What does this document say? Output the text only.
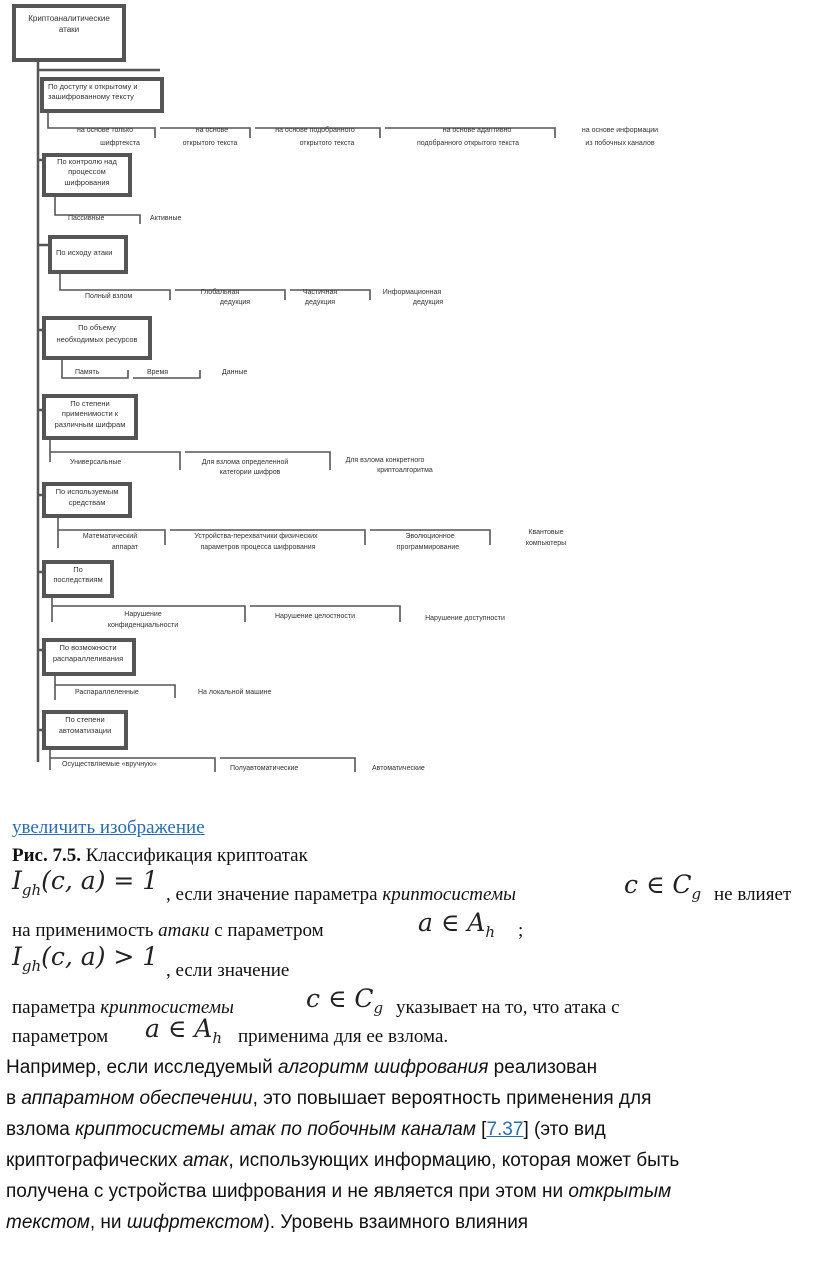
Криптоаналитические атаки
По доступу к открытому и зашифрованному тексту
на основе только шифртекста
на основе открытого текста
на основе подобранного открытого текста
на основе адаптивно подобранного открытого текста
на основе информации из побочных каналов
По контролю над процессом шифрования
Пассивные	Активные
По исходу атаки
Полный взлом
Глобальная дедукция
Частичная дедукция
Информационная дедукция
По объему необходимых ресурсов
Память	Время	Данные
По степени применимости к различным шифрам
Универсальные	Для взлома определенной категории шифров
Для взлома конкретного криптоалгоритма
По используемым средствам
Математический аппарат
Устройства-перехватчики физических параметров процесса шифрования
Эволюционное программирование
Квантовые компьютеры
По последствиям
Нарушение конфиденциальности
Нарушение целостности	Нарушение доступности
По возможности распараллеливания
Распараллеленные	На локальной машине
По степени автоматизации
Осуществляемые «вручную»Полуавтоматические	Автоматические
увеличить изображение
Рис. 7.5. Классификация криптоатак
$I_{gh}(c$, a) = 1 , если значение параметра криптосистемы	c ∈ $C_g$ не влияет
на применимость атаки с параметром	a ∈ $A_h$ ;
$I_{gh}(c$, a) > 1 , если значение
параметра криптосистемы	c ∈ $C_g$ указывает на то, что атака с
параметром a ∈ $A_h$ применима для ее взлома.
Например, если исследуемый алгоритм шифрования реализован
в аппаратном обеспечении, это повышает вероятность применения для
взлома криптосистемы атак по побочным каналам [7.37] (это вид
криптографических атак, использующих информацию, которая может быть
получена с устройства шифрования и не является при этом ни открытым
текстом, ни шифртекстом). Уровень взаимного влияния
